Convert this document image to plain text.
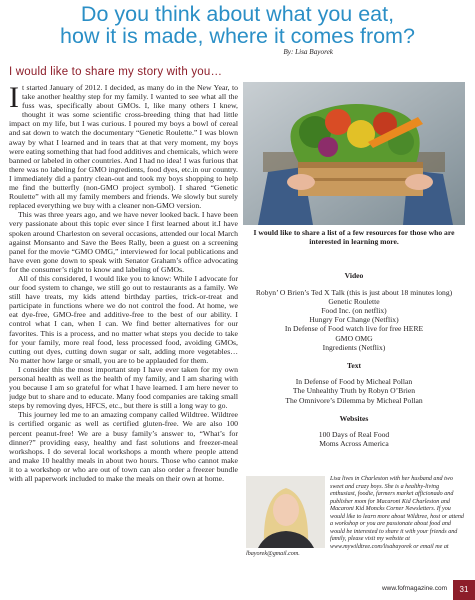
Do you think about what you eat,
how it is made, where it comes from?
By: Lisa Bayorek
I would like to share my story with you…

It started January of 2012. I decided, as many do in the New Year, to take another healthy step for my family. I wanted to see what all the fuss was, specifically about GMOs. I, like many others I knew, thought it was some scientific cross-breeding thing that had little impact on my life, but I was curious. I poured my boys a bowl of cereal and sat down to watch the documentary “Genetic Roulette.” I was blown away by what I learned and in tears that at that very moment, my boys were eating something that had food additives and chemicals, which were banned or labeled in other countries. And I had no idea! I was furious that there was no labeling for GMO ingredients, food dyes, etc.in our country. I immediately did a pantry clean-out and took my boys shopping to help me find the butterfly (non-GMO project symbol). I shared “Genetic Roulette” with all my family members and friends. We slowly but surely replaced everything we buy with a cleaner non-GMO version.

This was three years ago, and we have never looked back. I have been very passionate about this topic ever since I first learned about it.I have spoken around Charleston on several occasions, attended our local March against Monsanto and Save the Bees Rally, been a guest on a screening panel for the movie “GMO OMG,” interviewed for local publications and have even gone down to speak with Senator Graham’s office advocating for the consumer’s right to know and labeling of GMOs.

All of this considered, I would like you to know: While I advocate for our food system to change, we still go out to restaurants as a family. We still have treats, my kids attend birthday parties, trick-or-treat and participate in functions where we do not control the food. At home, we eat dye-free, GMO-free and additive-free to the best of our ability. I control what I can, when I can. We find better alternatives for our favorites. This is a process, and no matter what steps you decide to take for your family, more real food, less processed food, avoiding GMOs, cutting out dyes, cutting down sugar or salt, adding more vegetables… No matter how large or small, you are to be applauded for them.

I consider this the most important step I have ever taken for my own personal health as well as the health of my family, and I am sharing with you because I am so grateful for what I have learned. I am here never to judge but to share and to educate. Many food companies are taking small steps by removing dyes, HFCS, etc., but there is still a long way to go.

This journey led me to an amazing company called Wildtree. Wildtree is certified organic as well as certified gluten-free. We are also 100 percent peanut-free! We are a busy family’s answer to, “What’s for dinner?” providing easy, healthy and fast solutions and freezer-meal workshops. I do several local workshops a month where people attend and make 10 healthy meals in about two hours. Those who cannot make it to a workshop or who are out of town can also order a freezer bundle with all paperwork included to make the meals on their own at home.

I would like to share a list of a few resources for those who are interested in learning more.
Video
Robyn’ O Brien’s Ted X Talk (this is just about 18 minutes long)
Genetic Roulette
Food Inc. (on netflix)
Hungry For Change (Netflix)
In Defense of Food watch live for free HERE
GMO OMG
Ingredients (Netflix)
Text
In Defense of Food by Micheal Pollan
The Unhealthy Truth by Robyn O’Brien
The Omnivore’s Dilemma by Micheal Pollan
Websites
100 Days of Real Food
Moms Across America

Lisa lives in Charleston with her husband and two sweet and crazy boys. She is a healthy-living enthusiast, foodie, farmers market afficionado and publisher mom for Macaroni Kid Charleston and Macaroni Kid Moncks Corner Newsletters. If you would like to learn more about Wildtree, host or attend a workshop or you are passionate about food and would be interested to share it with your friends and family, please visit my website at www.mywildtree.com/lisabayorek or email me at lbayorek@gmail.com.

www.fofmagazine.com	31
